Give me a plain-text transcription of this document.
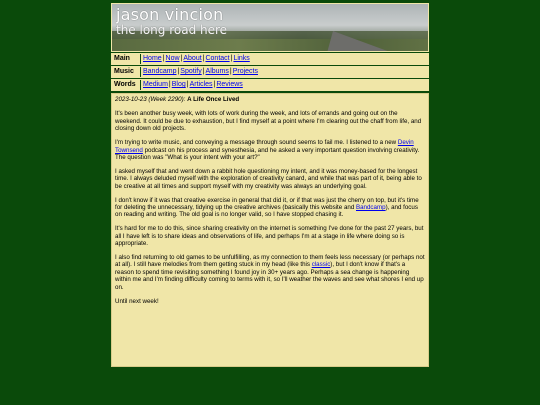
jason vincion
the long road here
Main	Home|Now|About|Contact|Links
Music	Bandcamp|Spotify|Albums|Projects
Words	Medium|Blog|Articles|Reviews

2023-10-23 (Week 2290): A Life Once Lived

It's been another busy week, with lots of work during the week, and lots of errands and going out on the weekend. It could be due to exhaustion, but I find myself at a point where I'm clearing out the chaff from life, and closing down old projects.

I'm trying to write music, and conveying a message through sound seems to fail me. I listened to a new Devin Townsend podcast on his process and synesthesia, and he asked a very important question involving creativity. The question was "What is your intent with your art?"

I asked myself that and went down a rabbit hole questioning my intent, and it was money-based for the longest time. I always deluded myself with the exploration of creativity canard, and while that was part of it, being able to be creative at all times and support myself with my creativity was always an underlying goal.

I don't know if it was that creative exercise in general that did it, or if that was just the cherry on top, but it's time for deleting the unnecessary, tidying up the creative archives (basically this website and Bandcamp), and focus on reading and writing. The old goal is no longer valid, so I have stopped chasing it.

It's hard for me to do this, since sharing creativity on the internet is something I've done for the past 27 years, but all I have left is to share ideas and observations of life, and perhaps I'm at a stage in life where doing so is appropriate.

I also find returning to old games to be unfulfilling, as my connection to them feels less necessary (or perhaps not at all). I still have melodies from them getting stuck in my head (like this classic), but I don't know if that's a reason to spend time revisiting something I found joy in 30+ years ago. Perhaps a sea change is happening within me and I'm finding difficulty coming to terms with it, so I'll weather the waves and see what shores I end up on.

Until next week!
